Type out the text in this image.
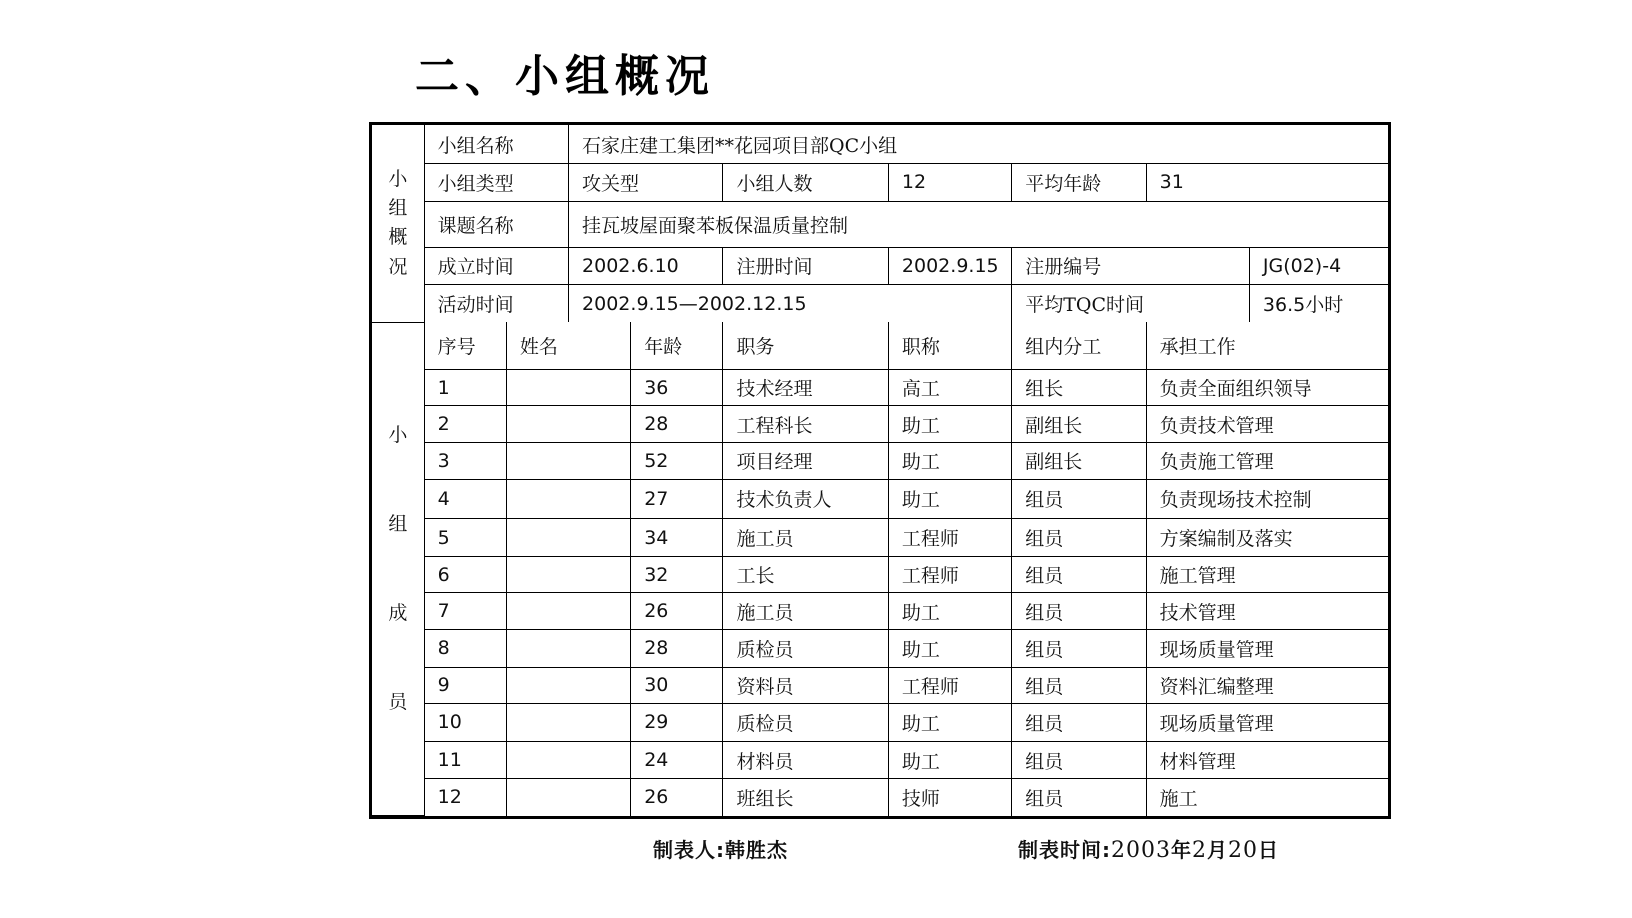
二、小组概况
小
组
概
况	小组名称		石家庄建工集团**花园项目部QC小组						
	小组类型		攻关型		小组人数	12	平均年龄	31	
	课题名称		挂瓦坡屋面聚苯板保温质量控制						
	成立时间		2002.6.10		注册时间	2002.9.15	注册编号		JG(02)-4
	活动时间		2002.9.15—2002.12.15				平均TQC时间		36.5小时

小
组
成
员	序号	姓名		年龄	职务	职称	组内分工	承担工作	
	1			36	技术经理	高工	组长	负责全面组织领导	
	2			28	工程科长	助工	副组长	负责技术管理	
	3			52	项目经理	助工	副组长	负责施工管理	
	4			27	技术负责人	助工	组员	负责现场技术控制	
	5			34	施工员	工程师	组员	方案编制及落实	
	6			32	工长	工程师	组员	施工管理	
	7			26	施工员	助工	组员	技术管理	
	8			28	质检员	助工	组员	现场质量管理	
	9			30	资料员	工程师	组员	资料汇编整理	
	10			29	质检员	助工	组员	现场质量管理	
	11			24	材料员	助工	组员	材料管理	
	12			26	班组长	技师	组员	施工	
制表人:韩胜杰	制表时间:2003年2月20日
